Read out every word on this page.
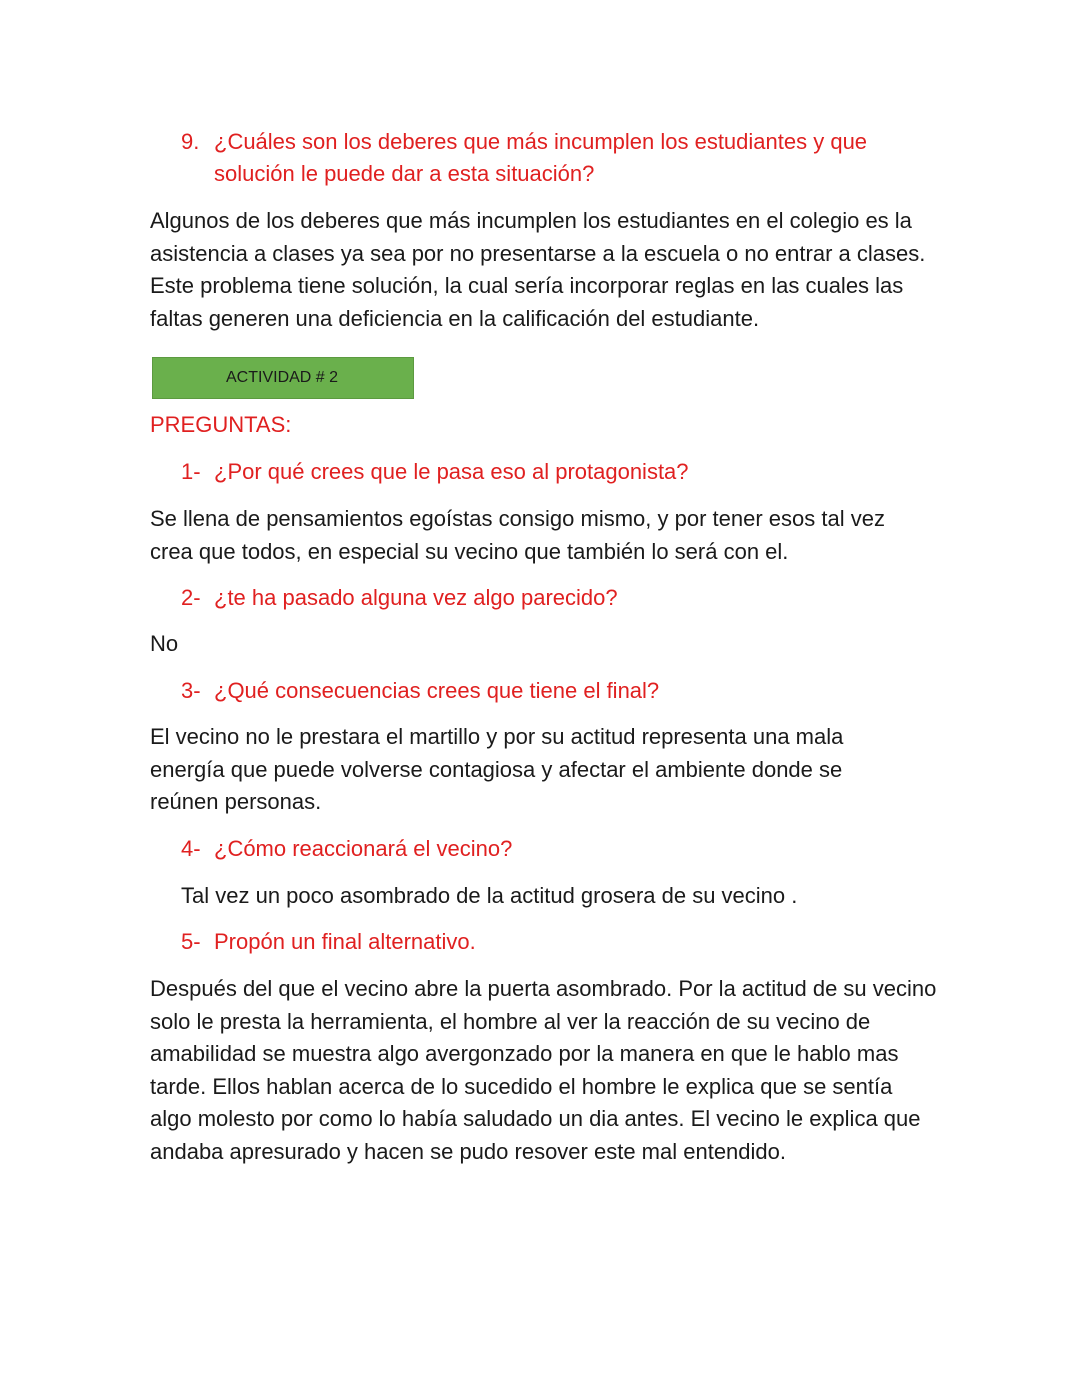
9. ¿Cuáles son los deberes que más incumplen los estudiantes y que solución le puede dar a esta situación?
Algunos de los deberes que más incumplen los estudiantes en el colegio es la asistencia a clases ya sea por no presentarse a la escuela o no entrar a clases. Este problema tiene solución, la cual sería incorporar reglas en las cuales las faltas generen una deficiencia en la calificación del estudiante.
ACTIVIDAD # 2
PREGUNTAS:
1- ¿Por qué crees que le pasa eso al protagonista?
Se llena de pensamientos egoístas consigo mismo, y por tener esos tal vez crea que todos, en especial su vecino que también lo será con el.
2- ¿te ha pasado alguna vez algo parecido?
No
3- ¿Qué consecuencias crees que tiene el final?
El vecino no le prestara el martillo y por su actitud representa una mala energía que puede volverse contagiosa y afectar el ambiente donde se reúnen personas.
4- ¿Cómo reaccionará el vecino?
Tal vez un poco asombrado de la actitud grosera de su vecino .
5- Propón un final alternativo.
Después del que el vecino abre la puerta asombrado. Por la actitud de su vecino solo le presta la herramienta, el hombre al ver la reacción de su vecino de amabilidad se muestra algo avergonzado por la manera en que le hablo mas tarde. Ellos hablan acerca de lo sucedido el hombre le explica que se sentía algo molesto por como lo había saludado un dia antes. El vecino le explica que andaba apresurado y hacen se pudo resover este mal entendido.
